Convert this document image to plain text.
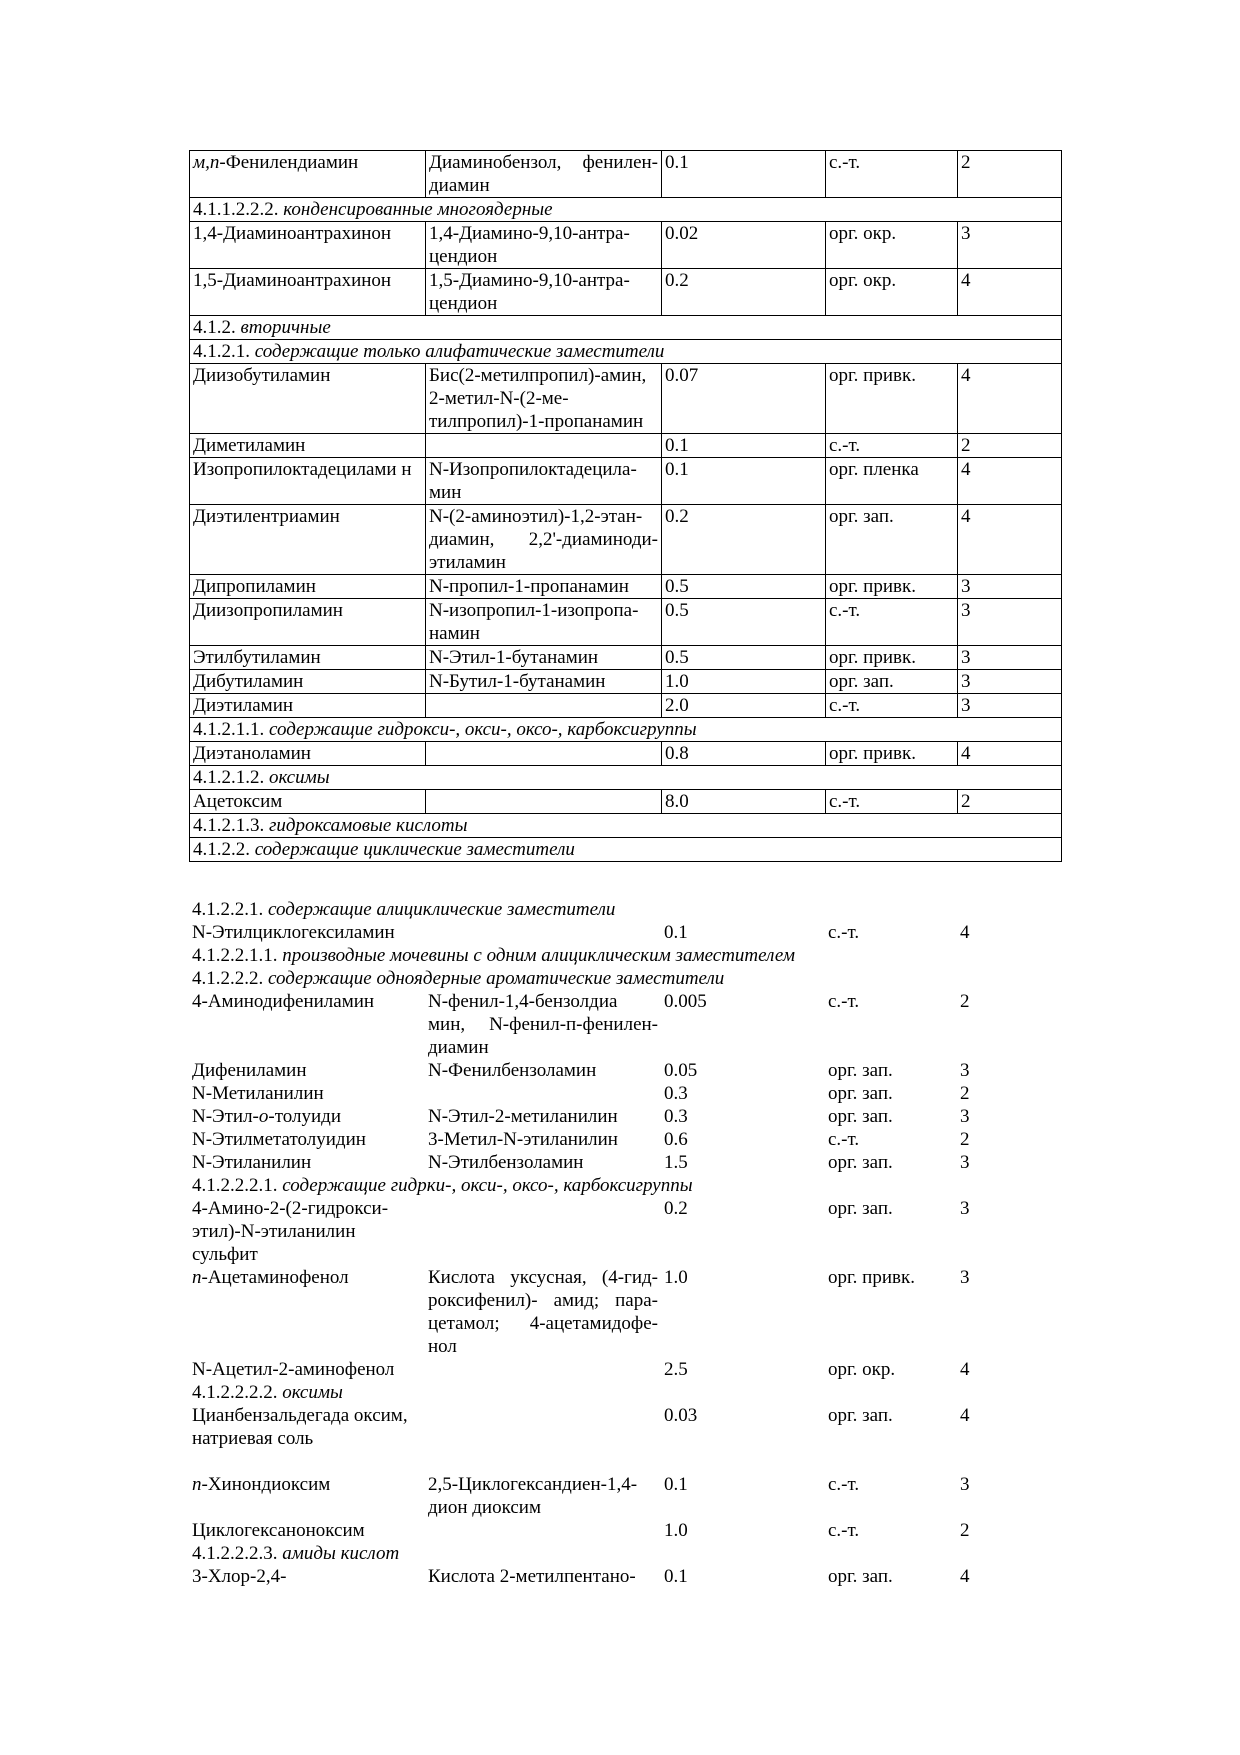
м,п-Фенилендиамин	Диаминобензол, фенилен-диамин	0.1	с.-т.	2
4.1.1.2.2.2. конденсированные многоядерные				
1,4-Диаминоантрахинон	1,4-Диамино-9,10-антра-цендион	0.02	орг. окр.	3
1,5-Диаминоантрахинон	1,5-Диамино-9,10-антра-цендион	0.2	орг. окр.	4
4.1.2. вторичные				
4.1.2.1. содержащие только алифатические заместители				
Диизобутиламин	Бис(2-метилпропил)-амин, 2-метил-N-(2-ме-тилпропил)-1-пропанамин	0.07	орг. привк.	4
Диметиламин		0.1	с.-т.	2
Изопропилоктадецилами н	N-Изопропилоктадецила-мин	0.1	орг. пленка	4
Диэтилентриамин	N-(2-аминоэтил)-1,2-этан- диамин, 2,2'-диаминоди-этиламин	0.2	орг. зап.	4
Дипропиламин	N-пропил-1-пропанамин	0.5	орг. привк.	3
Диизопропиламин	N-изопропил-1-изопропа-намин	0.5	с.-т.	3
Этилбутиламин	N-Этил-1-бутанамин	0.5	орг. привк.	3
Дибутиламин	N-Бутил-1-бутанамин	1.0	орг. зап.	3
Диэтиламин		2.0	с.-т.	3
4.1.2.1.1. содержащие гидрокси-, окси-, оксо-, карбоксигруппы				
Диэтаноламин		0.8	орг. привк.	4
4.1.2.1.2. оксимы				
Ацетоксим		8.0	с.-т.	2
4.1.2.1.3. гидроксамовые кислоты				
4.1.2.2. содержащие циклические заместители				
4.1.2.2.1. содержащие алициклические заместители				
N-Этилциклогексиламин		0.1	с.-т.	4
4.1.2.2.1.1. производные мочевины с одним алициклическим заместителем				
4.1.2.2.2. содержащие одноядерные ароматические заместители				
4-Аминодифениламин	N-фенил-1,4-бензолдиа мин, N-фенил-п-фенилен-диамин	0.005	с.-т.	2
Дифениламин	N-Фенилбензоламин	0.05	орг. зап.	3
N-Метиланилин		0.3	орг. зап.	2
N-Этил-о-толуиди	N-Этил-2-метиланилин	0.3	орг. зап.	3
N-Этилметатолуидин	3-Метил-N-этиланилин	0.6	с.-т.	2
N-Этиланилин	N-Этилбензоламин	1.5	орг. зап.	3
4.1.2.2.2.1. содержащие гидрки-, окси-, оксо-, карбоксигруппы				
4-Амино-2-(2-гидрокси-этил)-N-этиланилин сульфит		0.2	орг. зап.	3
п-Ацетаминофенол	Кислота уксусная, (4-гид-роксифенил)- амид; пара-цетамол; 4-ацетамидофе-нол	1.0	орг. привк.	3
N-Ацетил-2-аминофенол		2.5	орг. окр.	4
4.1.2.2.2.2. оксимы				
Цианбензальдегада оксим, натриевая соль		0.03	орг. зап.	4

п-Хинондиоксим	2,5-Циклогександиен-1,4-дион диоксим	0.1	с.-т.	3
Циклогексаноноксим		1.0	с.-т.	2
4.1.2.2.2.3. амиды кислот				
3-Хлор-2,4-	Кислота 2-метилпентано-	0.1	орг. зап.	4
